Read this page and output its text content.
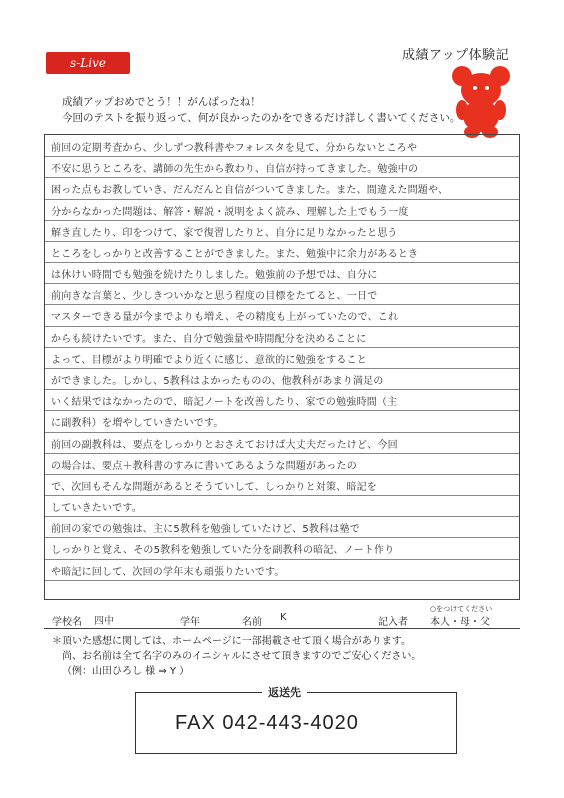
s-Live	成績アップ体験記
成績アップおめでとう！！がんばったね！
今回のテストを振り返って、何が良かったのかをできるだけ詳しく書いてください。
前回の定期考査から、少しずつ教科書やフォレスタを見て、分からないところや
不安に思うところを、講師の先生から教わり、自信が持ってきました。勉強中の
困った点もお教していき、だんだんと自信がついてきました。また、間違えた問題や、
分からなかった問題は、解答・解説・説明をよく読み、理解した上でもう一度
解き直したり、印をつけて、家で復習したりと、自分に足りなかったと思う
ところをしっかりと改善することができました。また、勉強中に余力があるとき
は休けい時間でも勉強を続けたりしました。勉強前の予想では、自分に
前向きな言葉と、少しきついかなと思う程度の目標をたてると、一日で
マスターできる量が今までよりも増え、その精度も上がっていたので、これ
からも続けたいです。また、自分で勉強量や時間配分を決めることに
よって、目標がより明確でより近くに感じ、意欲的に勉強をすること
ができました。しかし、5教科はよかったものの、他教科があまり満足の
いく結果ではなかったので、暗記ノートを改善したり、家での勉強時間（主
に副教科）を増やしていきたいです。
前回の副教科は、要点をしっかりとおさえておけば大丈夫だったけど、今回
の場合は、要点＋教科書のすみに書いてあるような問題があったの
で、次回もそんな問題があるとそうていして、しっかりと対策、暗記を
していきたいです。
前回の家での勉強は、主に5教科を勉強していたけど、5教科は塾で
しっかりと覚え、その5教科を勉強していた分を副教科の暗記、ノート作り
や暗記に回して、次回の学年末も頑張りたいです。
学校名 四中	学年	名前 K	記入者 本人・母・父
○をつけてください
＊頂いた感想に関しては、ホームページに一部掲載させて頂く場合があります。
尚、お名前は全て名字のみのイニシャルにさせて頂きますのでご安心ください。
（例：山田ひろし 様 ⇒ Y ）
返送先
FAX 042-443-4020
